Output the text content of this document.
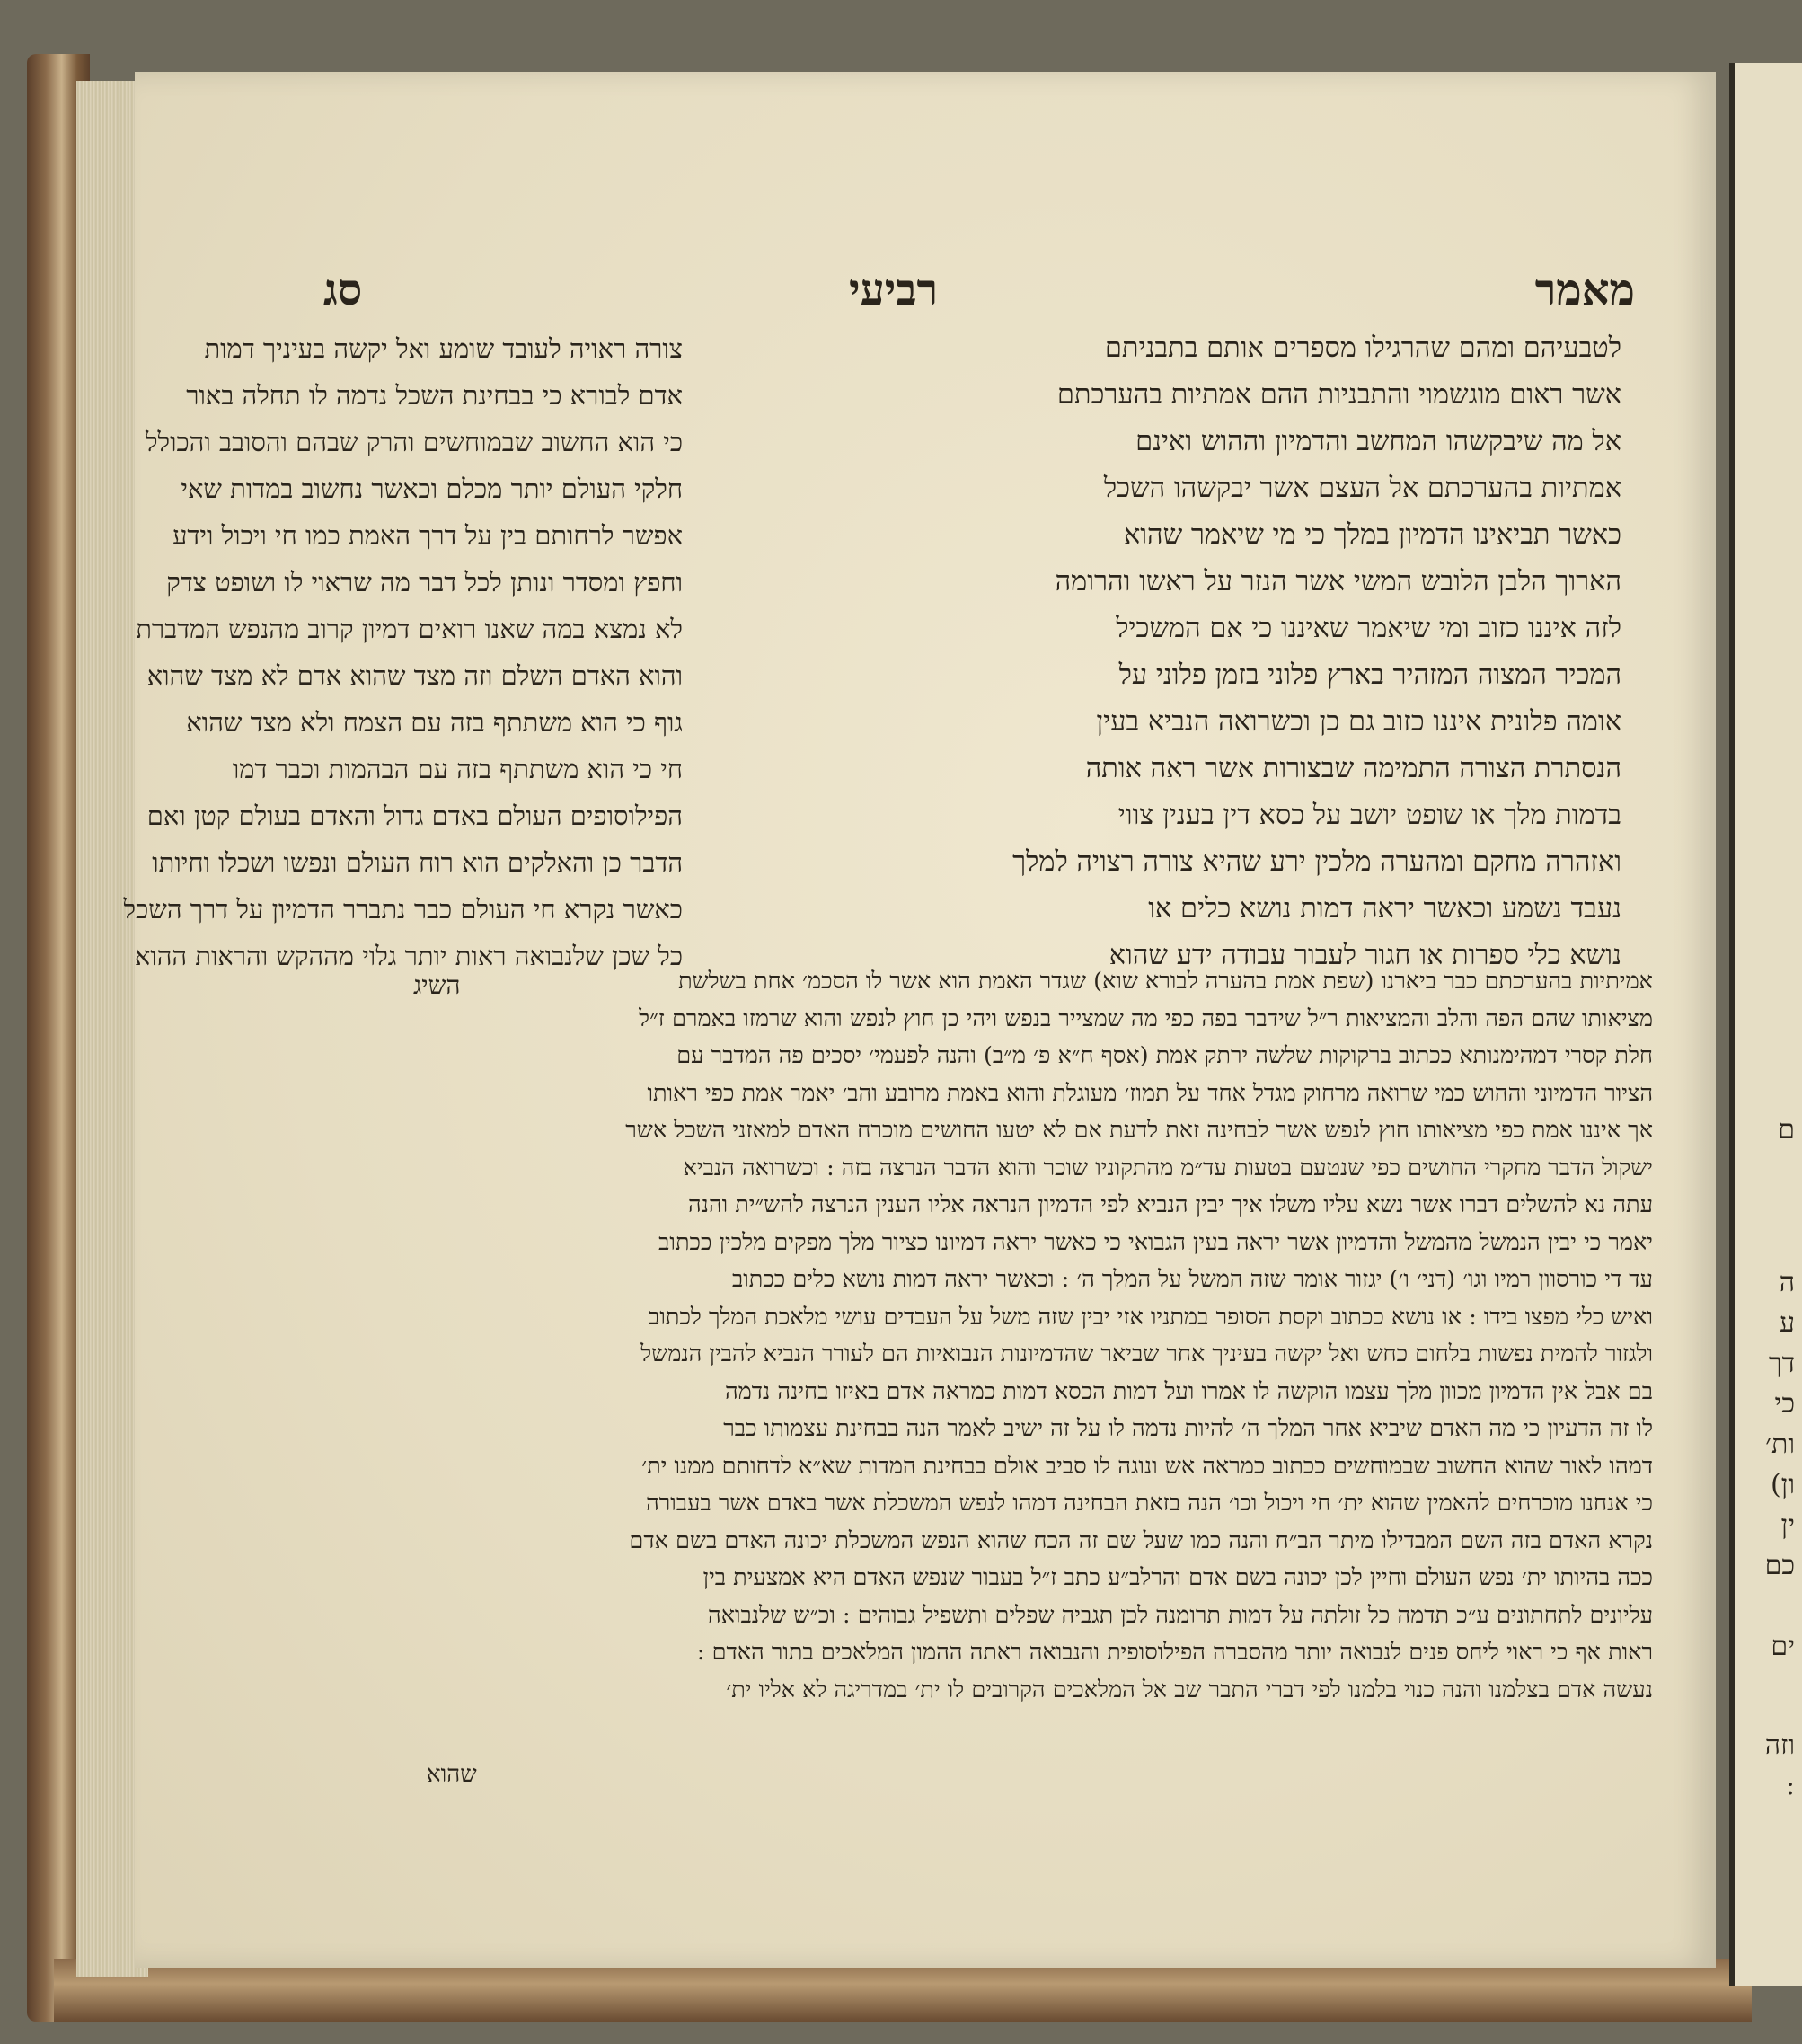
מאמר
רביעי
סג
לטבעיהם ומהם שהרגילו מספרים אותם בתבניתם
אשר ראום מוגשמוי והתבניות ההם אמתיות בהערכתם
אל מה שיבקשהו המחשב והדמיון וההוש ואינם
אמתיות בהערכתם אל העצם אשר יבקשהו השכל
כאשר תביאינו הדמיון במלך כי מי שיאמר שהוא
הארוך הלבן הלובש המשי אשר הנזר על ראשו והרומה
לזה איננו כזוב ומי שיאמר שאיננו כי אם המשכיל
המכיר המצוה המזהיר בארץ פלוני בזמן פלוני על
אומה פלונית איננו כזוב גם כן וכשרואה הנביא בעין
הנסתרת הצורה התמימה שבצורות אשר ראה אותה
בדמות מלך או שופט יושב על כסא דין בענין צווי
ואזהרה מחקם ומהערה מלכין ירע שהיא צורה רצויה למלך
נעבד נשמע וכאשר יראה דמות נושא כלים או
נושא כלי ספרות או חגור לעבור עבודה ידע שהוא
צורה ראויה לעובד שומע ואל יקשה בעיניך דמות
אדם לבורא כי בבחינת השכל נדמה לו תחלה באור
כי הוא החשוב שבמוחשים והרק שבהם והסובב והכולל
חלקי העולם יותר מכלם וכאשר נחשוב במדות שאי
אפשר לרחותם בין על דרך האמת כמו חי ויכול וידע
וחפץ ומסדר ונותן לכל דבר מה שראוי לו ושופט צדק
לא נמצא במה שאנו רואים דמיון קרוב מהנפש המדברת
והוא האדם השלם וזה מצד שהוא אדם לא מצד שהוא
גוף כי הוא משתתף בזה עם הצמח ולא מצד שהוא
חי כי הוא משתתף בזה עם הבהמות וכבר דמו
הפילוסופים העולם באדם גדול והאדם בעולם קטן ואם
הדבר כן והאלקים הוא רוח העולם ונפשו ושכלו וחיותו
כאשר נקרא חי העולם כבר נתברר הדמיון על דרך השכל
כל שכן שלנבואה ראות יותר גלוי מההקש והראות ההוא
השיג	אמיתיות בהערכתם כבר ביארנו (שפת אמת בהערה לבורא שוא) שגדר האמת הוא אשר לו הסכמ׳ אחת בשלשת
מציאותו שהם הפה והלב והמציאות ר״ל שידבר בפה כפי מה שמצייר בנפש ויהי כן חוץ לנפש והוא שרמזו באמרם ז״ל
חלת קסרי דמהימנותא ככתוב ברקוקות שלשה ירתק אמת (אסף ח״א פ׳ מ״ב) והנה לפעמי׳ יסכים פה המדבר עם
הציור הדמיוני וההוש כמי שרואה מרחוק מגדל אחד על תמוז׳ מעוגלת והוא באמת מרובע והב׳ יאמר אמת כפי ראותו
אך איננו אמת כפי מציאותו חוץ לנפש אשר לבחינה זאת לדעת אם לא יטעו החושים מוכרח האדם למאזני השכל אשר
ישקול הדבר מחקרי החושים כפי שנטעם בטעות עד״מ מהתקוניו שוכר והוא הדבר הנרצה בזה : וכשרואה הנביא
עתה נא להשלים דברו אשר נשא עליו משלו איך יבין הנביא לפי הדמיון הנראה אליו הענין הנרצה להש״ית והנה
יאמר כי יבין הנמשל מהמשל והדמיון אשר יראה בעין הגבואי כי כאשר יראה דמיונו כציור מלך מפקים מלכין ככתוב
עד די כורסוון רמיו וגו׳ (דני׳ ו׳) יגזור אומר שזה המשל על המלך ה׳ : וכאשר יראה דמות נושא כלים ככתוב
ואיש כלי מפצו בידו : או נושא ככתוב וקסת הסופר במתניו אזי יבין שזה משל על העבדים עושי מלאכת המלך לכתוב
ולגזור להמית נפשות בלחום כחש ואל יקשה בעיניך אחר שביאר שהדמיונות הנבואיות הם לעורר הנביא להבין הנמשל
בם אבל אין הדמיון מכוון מלך עצמו הוקשה לו אמרו ועל דמות הכסא דמות כמראה אדם באיזו בחינה נדמה
לו זה הדעיון כי מה האדם שיביא אחר המלך ה׳ להיות נדמה לו על זה ישיב לאמר הנה בבחינת עצמותו כבר
דמהו לאור שהוא החשוב שבמוחשים ככתוב כמראה אש ונוגה לו סביב אולם בבחינת המדות שא״א לדחותם ממנו ית׳
כי אנחנו מוכרחים להאמין שהוא ית׳ חי ויכול וכו׳ הנה בזאת הבחינה דמהו לנפש המשכלת אשר באדם אשר בעבורה
נקרא האדם בזה השם המבדילו מיתר הב״ח והנה כמו שעל שם זה הכח שהוא הנפש המשכלת יכונה האדם בשם אדם
ככה בהיותו ית׳ נפש העולם וחיין לכן יכונה בשם אדם והרלב״ע כתב ז״ל בעבור שנפש האדם היא אמצעית בין
עליונים לתחתונים ע״כ תדמה כל זולתה על דמות תרומנה לכן תגביה שפלים ותשפיל גבוהים : וכ״ש שלנבואה
ראות אף כי ראוי ליחס פנים לנבואה יותר מהסברה הפילוסופית והנבואה ראתה ההמון המלאכים בתור האדם :
נעשה אדם בצלמנו והנה כנוי בלמנו לפי דברי התבר שב אל המלאכים הקרובים לו ית׳ במדריגה לא אליו ית׳
שהוא
ם
ה
ע
דך
כי
ות׳
ון)
ין
כם
ים
וזה
:
